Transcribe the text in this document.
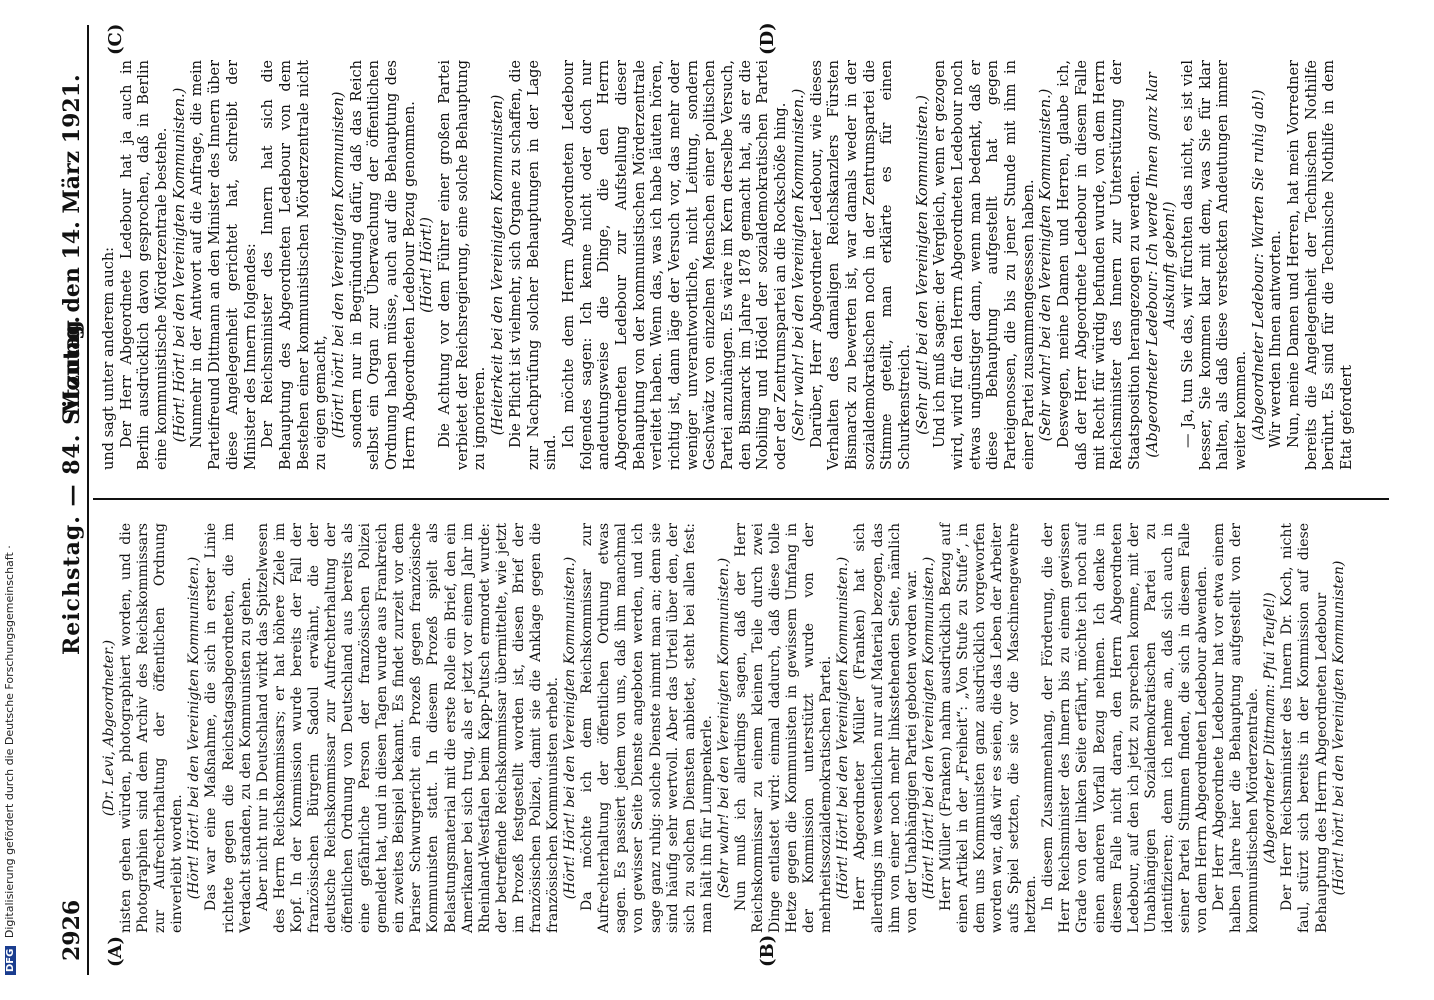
2926
Reichstag. — 84. Sitzung.
Montag den 14. März 1921.
(A)	(B)
(C)	(D)

(Dr. Levi, Abgeordneter.) nisten gehen würden, photographiert worden, und die Photographien sind dem Archiv des Reichskommissars zur Aufrechterhaltung der öffentlichen Ordnung einverleibt worden. (Hört! Hört! bei den Vereinigten Kommunisten.) Das war eine Maßnahme, die sich in erster Linie richtete gegen die Reichstagsabgeordneten, die im Verdacht standen, zu den Kommunisten zu gehen. Aber nicht nur in Deutschland wirkt das Spitzelwesen des Herrn Reichskommissars; er hat höhere Ziele im Kopf. In der Kommission wurde bereits der Fall der französischen Bürgerin Sadoul erwähnt, die der deutsche Reichskommissar zur Aufrechterhaltung der öffentlichen Ordnung von Deutschland aus bereits als eine gefährliche Person der französischen Polizei gemeldet hat, und in diesen Tagen wurde aus Frankreich ein zweites Beispiel bekannt. Es findet zurzeit vor dem Pariser Schwurgericht ein Prozeß gegen französische Kommunisten statt. In diesem Prozeß spielt als Belastungsmaterial mit die erste Rolle ein Brief, den ein Amerikaner bei sich trug, als er jetzt vor einem Jahr im Rheinland-Westfalen beim Kapp-Putsch ermordet wurde: der betreffende Reichskommissar übermittelte, wie jetzt im Prozeß festgestellt worden ist, diesen Brief der französischen Polizei, damit sie die Anklage gegen die französischen Kommunisten erhebt. (Hört! Hört! bei den Vereinigten Kommunisten.) Da möchte ich dem Reichskommissar zur Aufrechterhaltung der öffentlichen Ordnung etwas sagen. Es passiert jedem von uns, daß ihm manchmal von gewisser Seite Dienste angeboten werden, und ich sage ganz ruhig: solche Dienste nimmt man an; denn sie sind häufig sehr wertvoll. Aber das Urteil über den, der sich zu solchen Diensten anbietet, steht bei allen fest: man hält ihn für Lumpenkerle. (Sehr wahr! bei den Vereinigten Kommunisten.) Nun muß ich allerdings sagen, daß der Herr Reichskommissar zu einem kleinen Teile durch zwei Dinge entlastet wird: einmal dadurch, daß diese tolle Hetze gegen die Kommunisten in gewissem Umfang in der Kommission unterstützt wurde von der mehrheitssozialdemokratischen Partei. (Hört! Hört! bei den Vereinigten Kommunisten.) Herr Abgeordneter Müller (Franken) hat sich allerdings im wesentlichen nur auf Material bezogen, das ihm von einer noch mehr linksstehenden Seite, nämlich von der Unabhängigen Partei geboten worden war. (Hört! Hört! bei den Vereinigten Kommunisten.) Herr Müller (Franken) nahm ausdrücklich Bezug auf einen Artikel in der „Freiheit“: „Von Stufe zu Stufe“, in dem uns Kommunisten ganz ausdrücklich vorgeworfen worden war, daß wir es seien, die das Leben der Arbeiter aufs Spiel setzten, die sie vor die Maschinengewehre hetzten. In diesem Zusammenhang, der Förderung, die der Herr Reichsminister des Innern bis zu einem gewissen Grade von der linken Seite erfährt, möchte ich noch auf einen anderen Vorfall Bezug nehmen. Ich denke in diesem Falle nicht daran, den Herrn Abgeordneten Ledebour, auf den ich jetzt zu sprechen komme, mit der Unabhängigen Sozialdemokratischen Partei zu identifizieren; denn ich nehme an, daß sich auch in seiner Partei Stimmen finden, die sich in diesem Falle von dem Herrn Abgeordneten Ledebour abwenden. Der Herr Abgeordnete Ledebour hat vor etwa einem halben Jahre hier die Behauptung aufgestellt von der kommunistischen Mörderzentrale. (Abgeordneter Dittmann: Pfui Teufel!) Der Herr Reichsminister des Innern Dr. Koch, nicht faul, stürzt sich bereits in der Kommission auf diese Behauptung des Herrn Abgeordneten Ledebour (Hört! hört! bei den Vereinigten Kommunisten)

und sagt unter anderem auch: Der Herr Abgeordnete Ledebour hat ja auch in Berlin ausdrücklich davon gesprochen, daß in Berlin eine kommunistische Mörderzentrale bestehe. (Hört! Hört! bei den Vereinigten Kommunisten.) Nunmehr in der Antwort auf die Anfrage, die mein Parteifreund Dittmann an den Minister des Innern über diese Angelegenheit gerichtet hat, schreibt der Minister des Innern folgendes: Der Reichsminister des Innern hat sich die Behauptung des Abgeordneten Ledebour von dem Bestehen einer kommunistischen Mörderzentrale nicht zu eigen gemacht, (Hört! hört! bei den Vereinigten Kommunisten) sondern nur in Begründung dafür, daß das Reich selbst ein Organ zur Überwachung der öffentlichen Ordnung haben müsse, auch auf die Behauptung des Herrn Abgeordneten Ledebour Bezug genommen. (Hört! Hört!) Die Achtung vor dem Führer einer großen Partei verbietet der Reichsregierung, eine solche Behauptung zu ignorieren. (Heiterkeit bei den Vereinigten Kommunisten) Die Pflicht ist vielmehr, sich Organe zu schaffen, die zur Nachprüfung solcher Behauptungen in der Lage sind.

Ich möchte dem Herrn Abgeordneten Ledebour folgendes sagen: Ich kenne nicht oder doch nur andeutungsweise die Dinge, die den Herrn Abgeordneten Ledebour zur Aufstellung dieser Behauptung von der kommunistischen Mörderzentrale verleitet haben. Wenn das, was ich habe läuten hören, richtig ist, dann läge der Versuch vor, das mehr oder weniger unverantwortliche, nicht Leitung, sondern Geschwätz von einzelnen Menschen einer politischen Partei anzuhängen. Es wäre im Kern derselbe Versuch, den Bismarck im Jahre 1878 gemacht hat, als er die Nobiling und Hödel der sozialdemokratischen Partei oder der Zentrumspartei an die Rockschöße hing. (Sehr wahr! bei den Vereinigten Kommunisten.) Darüber, Herr Abgeordneter Ledebour, wie dieses Verhalten des damaligen Reichskanzlers Fürsten Bismarck zu bewerten ist, war damals weder in der sozialdemokratischen noch in der Zentrumspartei die Stimme geteilt, man erklärte es für einen Schurkenstreich. (Sehr gut! bei den Vereinigten Kommunisten.) Und ich muß sagen: der Vergleich, wenn er gezogen wird, wird für den Herrn Abgeordneten Ledebour noch etwas ungünstiger dann, wenn man bedenkt, daß er diese Behauptung aufgestellt hat gegen Parteigenossen, die bis zu jener Stunde mit ihm in einer Partei zusammengesessen haben. (Sehr wahr! bei den Vereinigten Kommunisten.) Deswegen, meine Damen und Herren, glaube ich, daß der Herr Abgeordnete Ledebour in diesem Falle mit Recht für würdig befunden wurde, von dem Herrn Reichsminister des Innern zur Unterstützung der Staatsposition herangezogen zu werden. (Abgeordneter Ledebour: Ich werde Ihnen ganz klar Auskunft geben!) — Ja, tun Sie das, wir fürchten das nicht, es ist viel besser, Sie kommen klar mit dem, was Sie für klar halten, als daß diese versteckten Andeutungen immer weiter kommen. (Abgeordneter Ledebour: Warten Sie ruhig ab!) Wir werden Ihnen antworten. Nun, meine Damen und Herren, hat mein Vorredner bereits die Angelegenheit der Technischen Nothilfe berührt. Es sind für die Technische Nothilfe in dem Etat gefordert

DFG Digitalisierung gefördert durch die Deutsche Forschungsgemeinschaft ·
